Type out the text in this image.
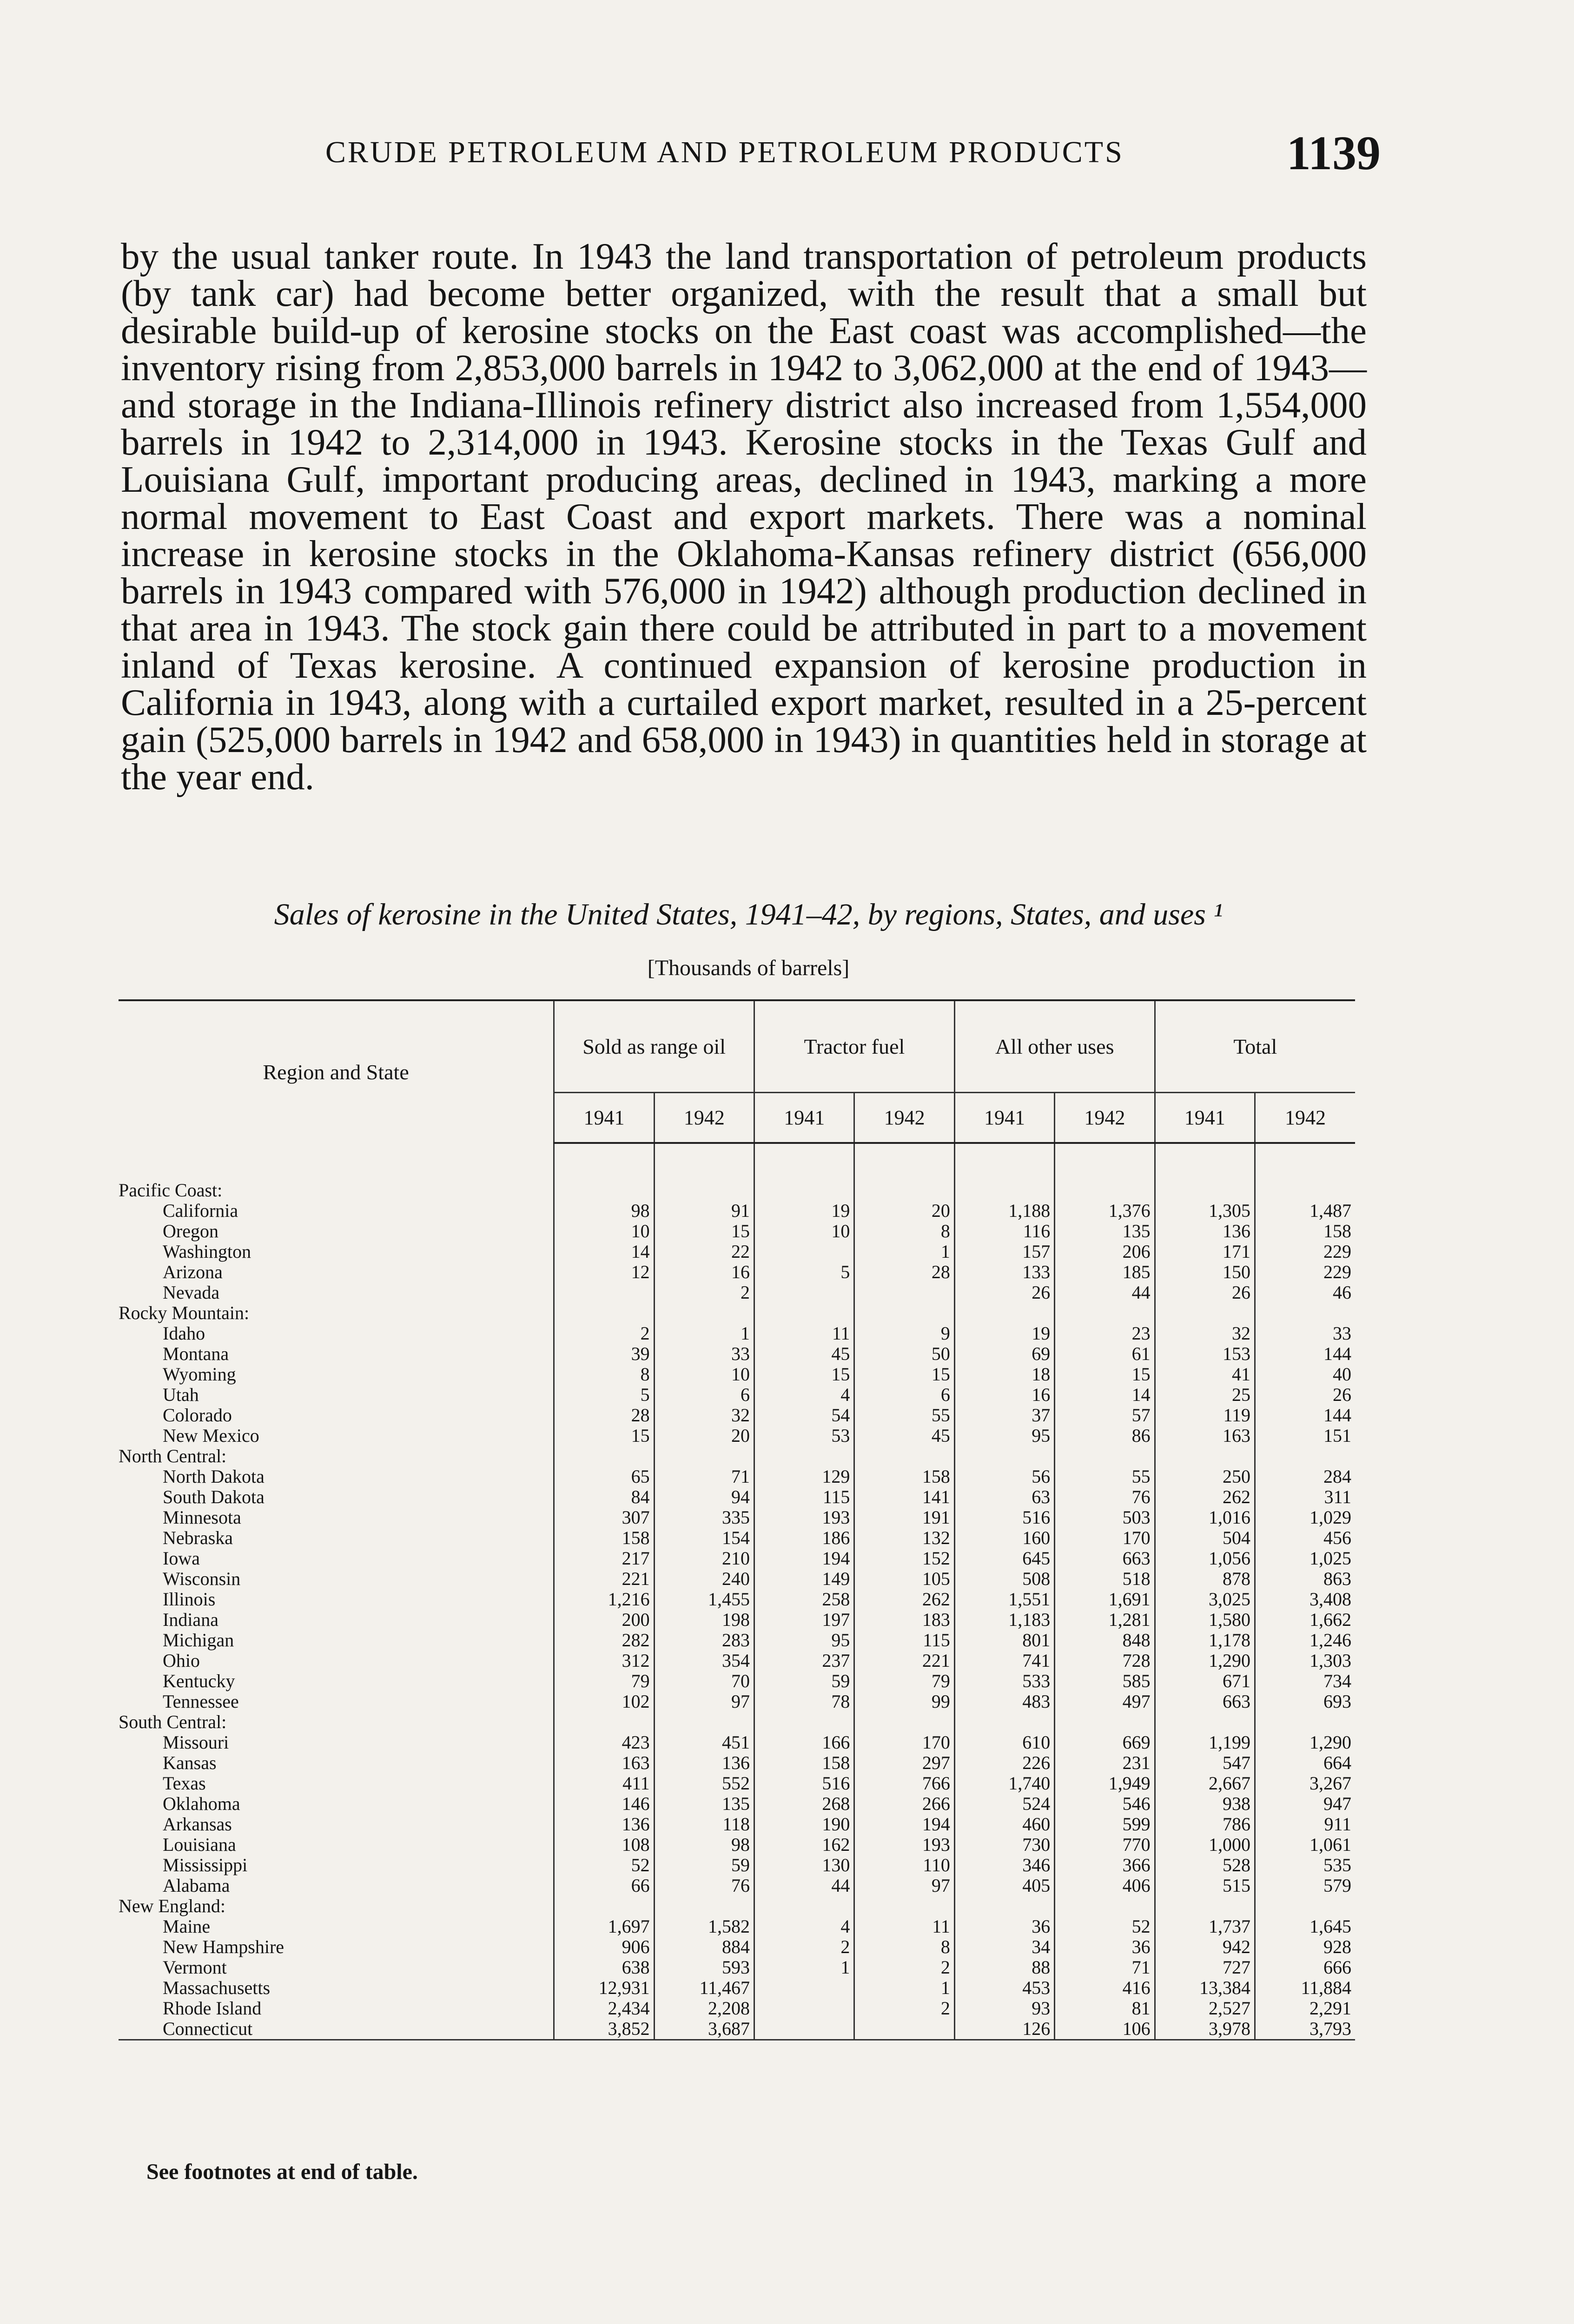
CRUDE PETROLEUM AND PETROLEUM PRODUCTS	1139

by the usual tanker route. In 1943 the land transportation of petroleum products (by tank car) had become better organized, with the result that a small but desirable build-up of kerosine stocks on the East coast was accomplished—the inventory rising from 2,853,000 barrels in 1942 to 3,062,000 at the end of 1943—and storage in the Indiana-Illinois refinery district also increased from 1,554,000 barrels in 1942 to 2,314,000 in 1943. Kerosine stocks in the Texas Gulf and Louisiana Gulf, important producing areas, declined in 1943, marking a more normal movement to East Coast and export markets. There was a nominal increase in kerosine stocks in the Oklahoma-Kansas refinery district (656,000 barrels in 1943 compared with 576,000 in 1942) although production declined in that area in 1943. The stock gain there could be attributed in part to a movement inland of Texas kerosine. A continued expansion of kerosine production in California in 1943, along with a curtailed export market, resulted in a 25-percent gain (525,000 barrels in 1942 and 658,000 in 1943) in quantities held in storage at the year end.

Sales of kerosine in the United States, 1941–42, by regions, States, and uses ¹
[Thousands of barrels]
Region and State	Sold as range oil		Tractor fuel		All other uses		Total	
	1941	1942	1941	1942	1941	1942	1941	1942

Pacific Coast:								
California	98	91	19	20	1,188	1,376	1,305	1,487
Oregon	10	15	10	8	116	135	136	158
Washington	14	22		1	157	206	171	229
Arizona	12	16	5	28	133	185	150	229
Nevada		2			26	44	26	46
Rocky Mountain:								
Idaho	2	1	11	9	19	23	32	33
Montana	39	33	45	50	69	61	153	144
Wyoming	8	10	15	15	18	15	41	40
Utah	5	6	4	6	16	14	25	26
Colorado	28	32	54	55	37	57	119	144
New Mexico	15	20	53	45	95	86	163	151
North Central:								
North Dakota	65	71	129	158	56	55	250	284
South Dakota	84	94	115	141	63	76	262	311
Minnesota	307	335	193	191	516	503	1,016	1,029
Nebraska	158	154	186	132	160	170	504	456
Iowa	217	210	194	152	645	663	1,056	1,025
Wisconsin	221	240	149	105	508	518	878	863
Illinois	1,216	1,455	258	262	1,551	1,691	3,025	3,408
Indiana	200	198	197	183	1,183	1,281	1,580	1,662
Michigan	282	283	95	115	801	848	1,178	1,246
Ohio	312	354	237	221	741	728	1,290	1,303
Kentucky	79	70	59	79	533	585	671	734
Tennessee	102	97	78	99	483	497	663	693
South Central:								
Missouri	423	451	166	170	610	669	1,199	1,290
Kansas	163	136	158	297	226	231	547	664
Texas	411	552	516	766	1,740	1,949	2,667	3,267
Oklahoma	146	135	268	266	524	546	938	947
Arkansas	136	118	190	194	460	599	786	911
Louisiana	108	98	162	193	730	770	1,000	1,061
Mississippi	52	59	130	110	346	366	528	535
Alabama	66	76	44	97	405	406	515	579
New England:								
Maine	1,697	1,582	4	11	36	52	1,737	1,645
New Hampshire	906	884	2	8	34	36	942	928
Vermont	638	593	1	2	88	71	727	666
Massachusetts	12,931	11,467		1	453	416	13,384	11,884
Rhode Island	2,434	2,208		2	93	81	2,527	2,291
Connecticut	3,852	3,687			126	106	3,978	3,793
See footnotes at end of table.
